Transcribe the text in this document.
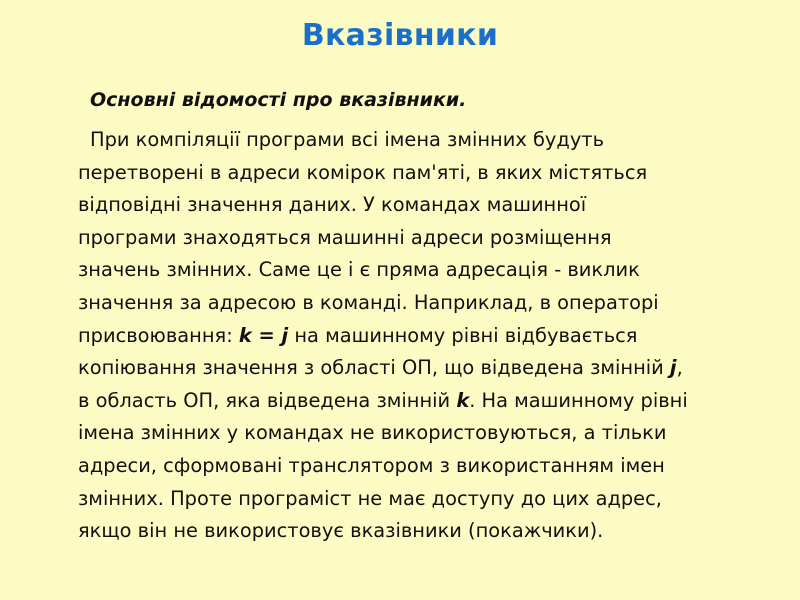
Вказівники
Основні відомості про вказівники.
При компіляції програми всі імена змінних будуть
перетворені в адреси комірок пам'яті, в яких містяться
відповідні значення даних. У командах машинної
програми знаходяться машинні адреси розміщення
значень змінних. Саме це і є пряма адресація - виклик
значення за адресою в команді. Наприклад, в операторі
присвоювання: k = j на машинному рівні відбувається
копіювання значення з області ОП, що відведена змінній j,
в область ОП, яка відведена змінній k. На машинному рівні
імена змінних у командах не використовуються, а тільки
адреси, сформовані транслятором з використанням імен
змінних. Проте програміст не має доступу до цих адрес,
якщо він не використовує вказівники (покажчики).
